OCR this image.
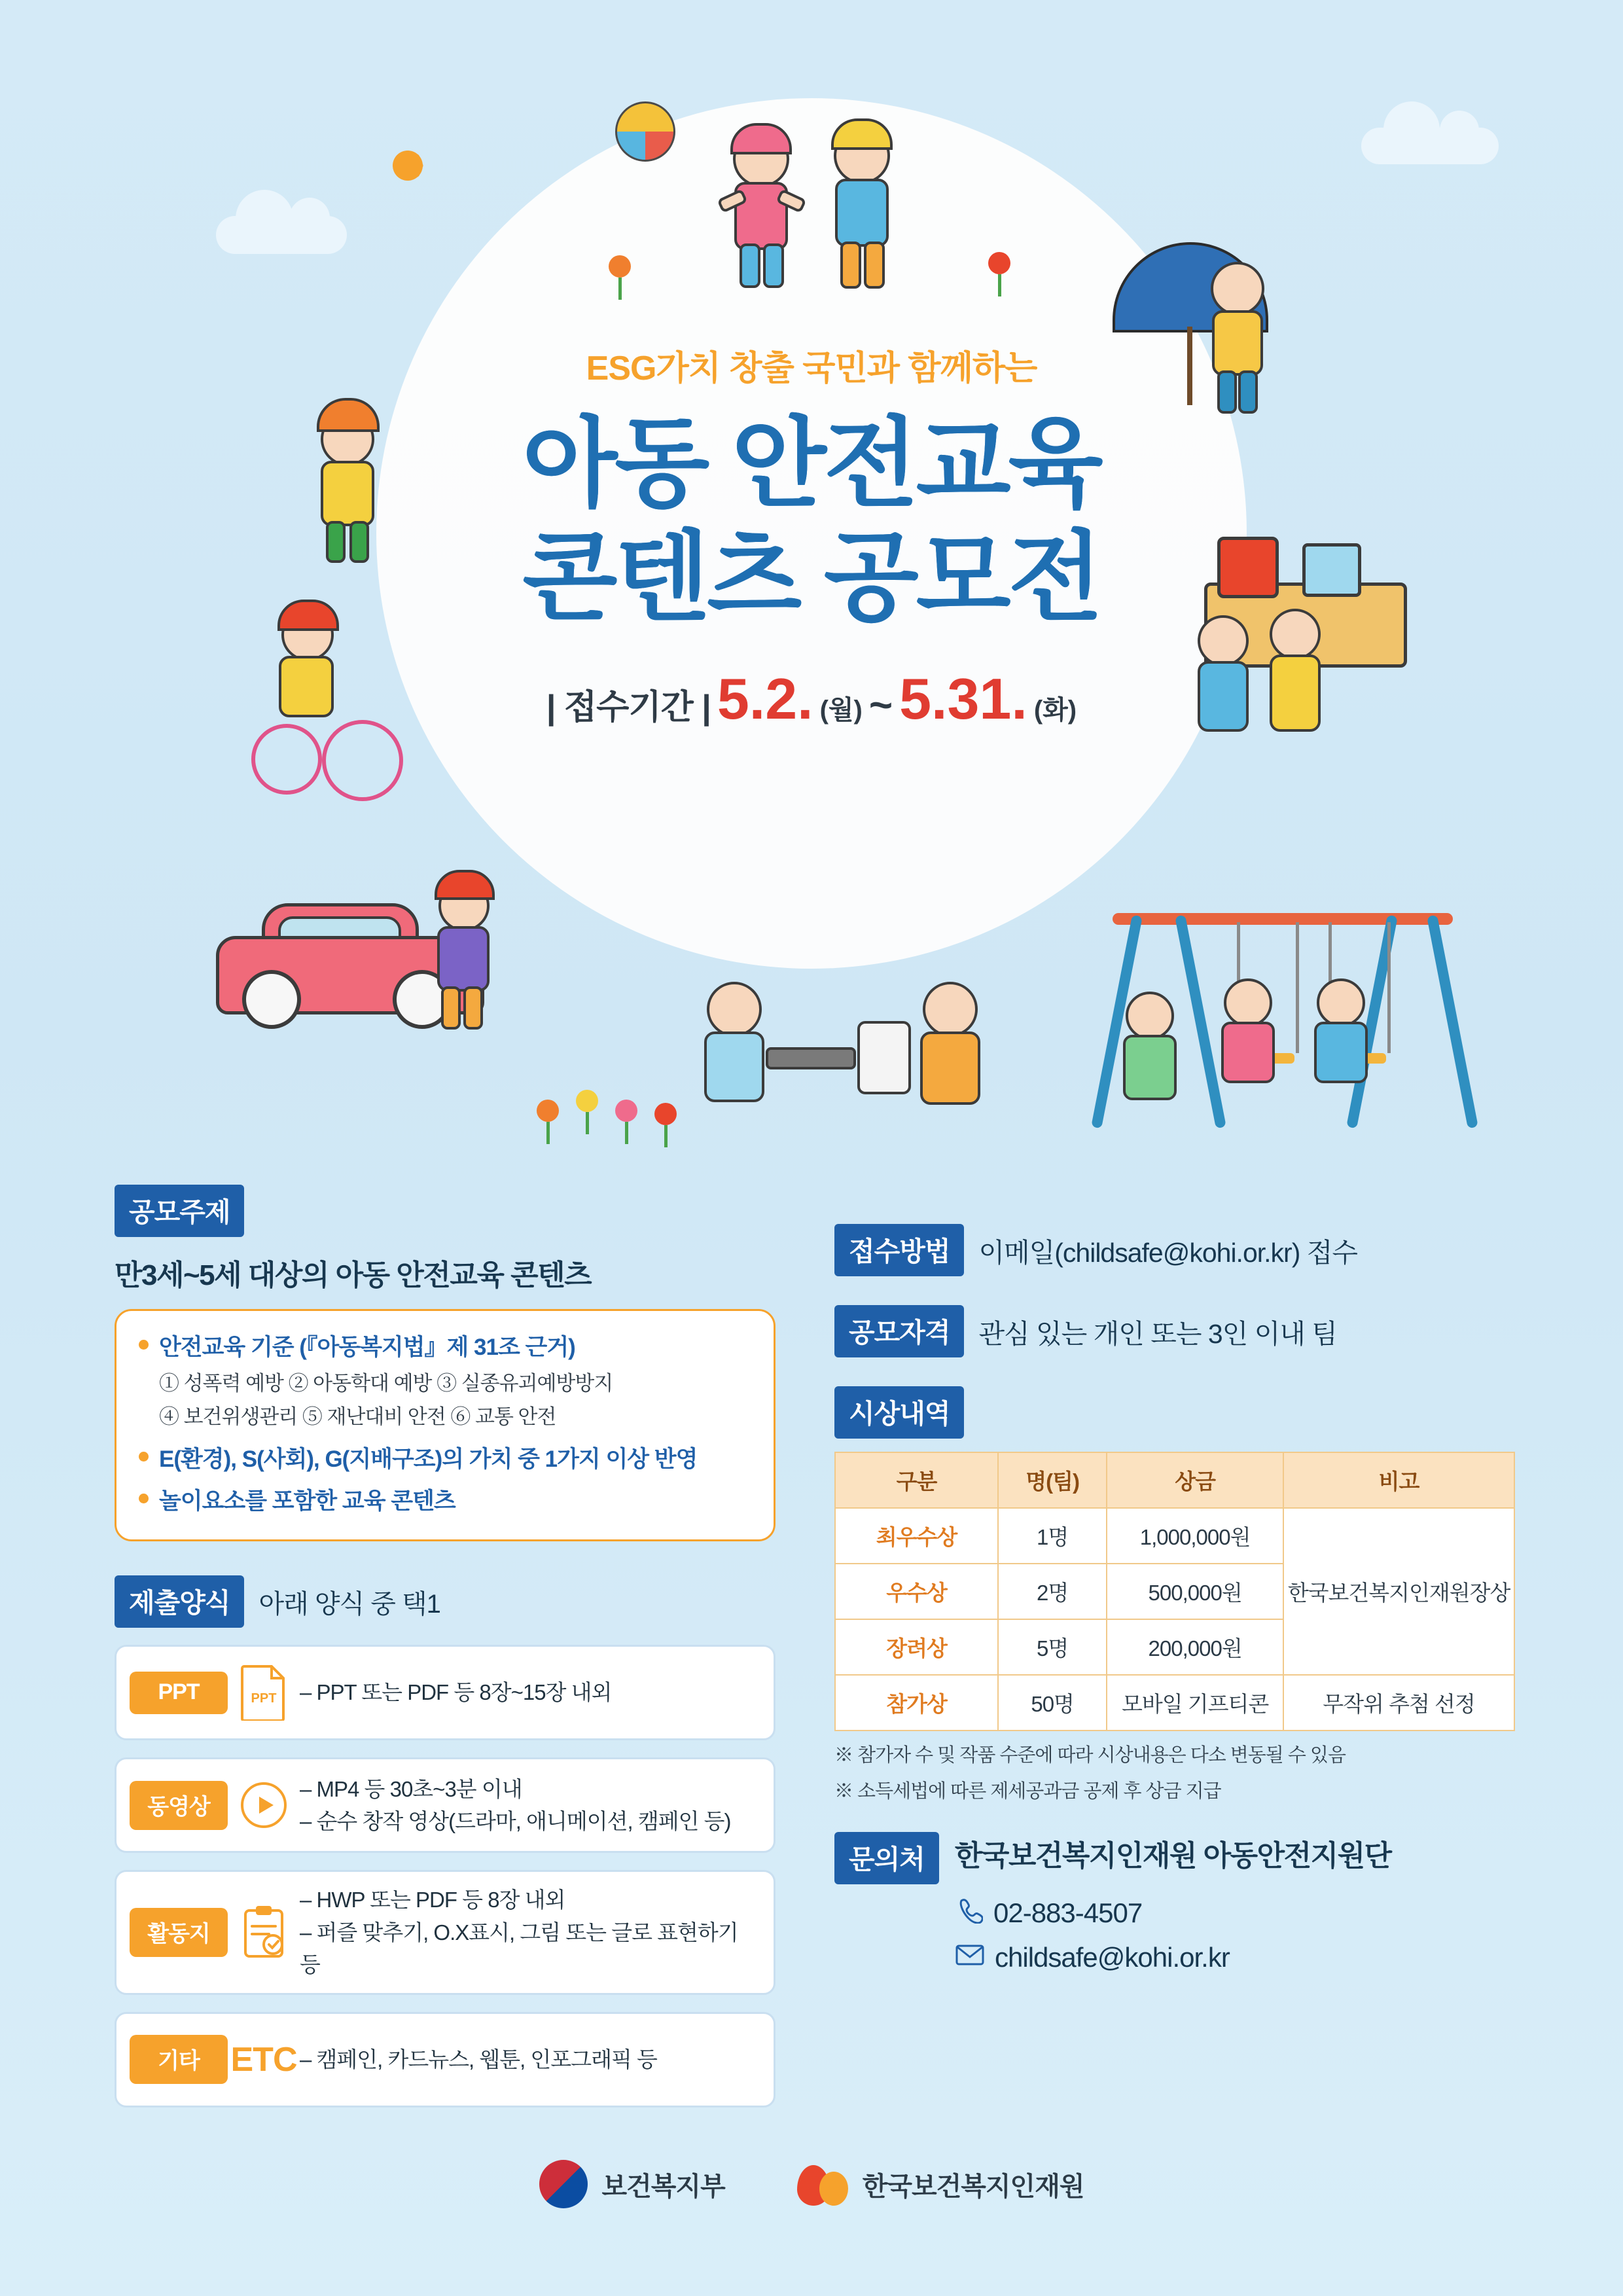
ESG가치 창출 국민과 함께하는
아동 안전교육
콘텐츠 공모전
| 접수기간 | 5.2. (월) ~ 5.31. (화)
공모주제
만3세~5세 대상의 아동 안전교육 콘텐츠
안전교육 기준 (『아동복지법』제 31조 근거)
① 성폭력 예방 ② 아동학대 예방 ③ 실종유괴예방방지
④ 보건위생관리 ⑤ 재난대비 안전 ⑥ 교통 안전
E(환경), S(사회), G(지배구조)의 가치 중 1가지 이상 반영
놀이요소를 포함한 교육 콘텐츠
제출양식	아래 양식 중 택1
PPT	PPT – PPT 또는 PDF 등 8장~15장 내외
동영상
– MP4 등 30초~3분 이내
– 순수 창작 영상(드라마, 애니메이션, 캠페인 등)
활동지
– HWP 또는 PDF 등 8장 내외
– 퍼즐 맞추기, O.X표시, 그림 또는 글로 표현하기 등
기타 ETC – 캠페인, 카드뉴스, 웹툰, 인포그래픽 등
접수방법	이메일(childsafe@kohi.or.kr) 접수
공모자격	관심 있는 개인 또는 3인 이내 팀
시상내역
구분	명(팀)	상금	비고
최우수상	1명	1,000,000원	한국보건복지인재원장상
우수상	2명	500,000원	
장려상	5명	200,000원	
참가상	50명	모바일 기프티콘	무작위 추첨 선정
※ 참가자 수 및 작품 수준에 따라 시상내용은 다소 변동될 수 있음
※ 소득세법에 따른 제세공과금 공제 후 상금 지급
문의처	한국보건복지인재원 아동안전지원단
02-883-4507
childsafe@kohi.or.kr
보건복지부	한국보건복지인재원
